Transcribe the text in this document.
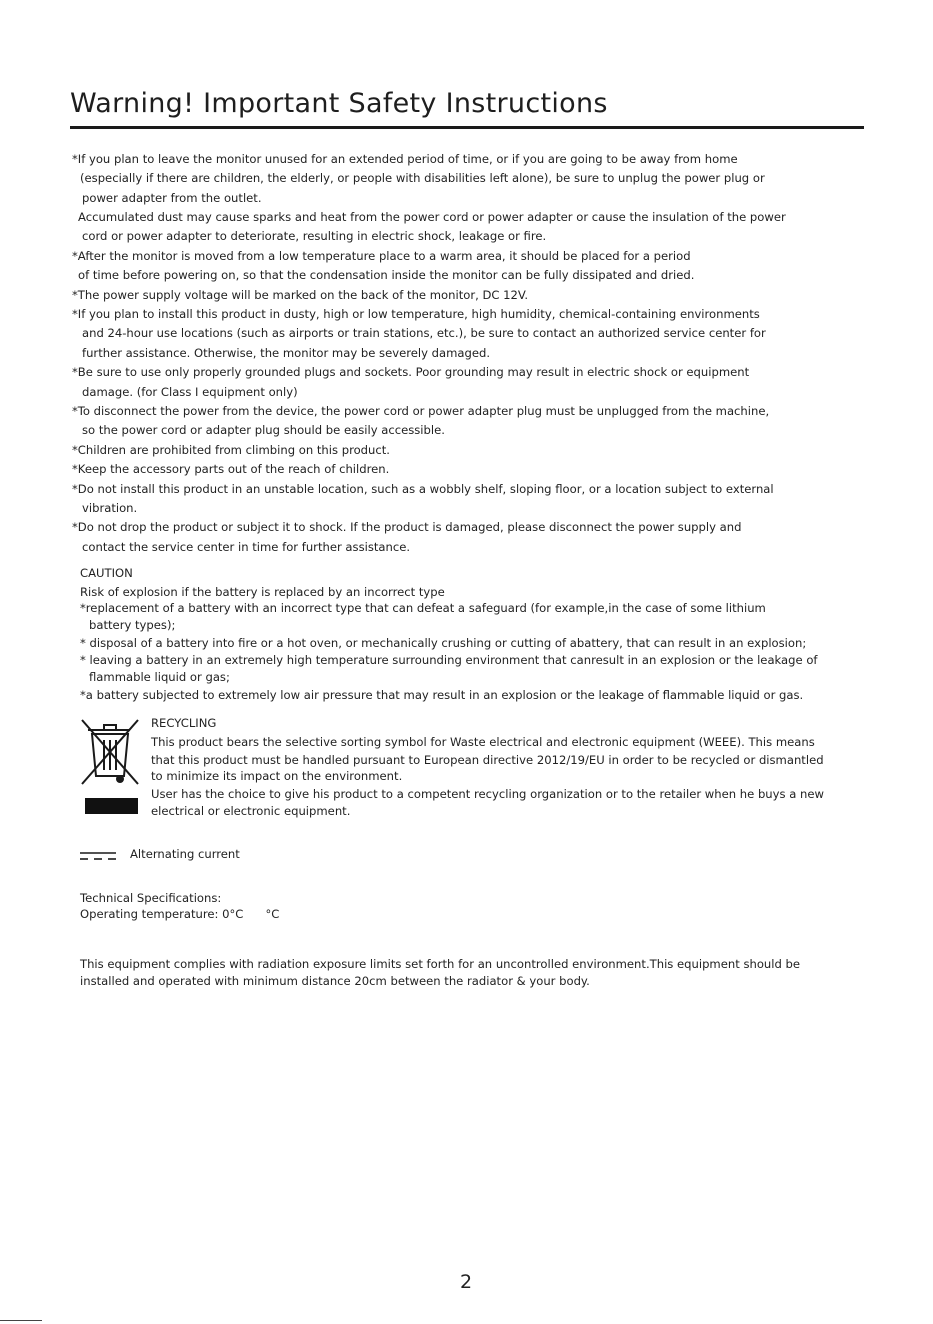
Warning! Important Safety Instructions
*If you plan to leave the monitor unused for an extended period of time, or if you are going to be away from home
(especially if there are children, the elderly, or people with disabilities left alone), be sure to unplug the power plug or
power adapter from the outlet.
Accumulated dust may cause sparks and heat from the power cord or power adapter or cause the insulation of the power
cord or power adapter to deteriorate, resulting in electric shock, leakage or fire.
*After the monitor is moved from a low temperature place to a warm area, it should be placed for a period
of time before powering on, so that the condensation inside the monitor can be fully dissipated and dried.
*The power supply voltage will be marked on the back of the monitor, DC 12V.
*If you plan to install this product in dusty, high or low temperature, high humidity, chemical-containing environments
and 24-hour use locations (such as airports or train stations, etc.), be sure to contact an authorized service center for
further assistance. Otherwise, the monitor may be severely damaged.
*Be sure to use only properly grounded plugs and sockets. Poor grounding may result in electric shock or equipment
damage. (for Class I equipment only)
*To disconnect the power from the device, the power cord or power adapter plug must be unplugged from the machine,
so the power cord or adapter plug should be easily accessible.
*Children are prohibited from climbing on this product.
*Keep the accessory parts out of the reach of children.
*Do not install this product in an unstable location, such as a wobbly shelf, sloping floor, or a location subject to external
vibration.
*Do not drop the product or subject it to shock. If the product is damaged, please disconnect the power supply and
contact the service center in time for further assistance.
CAUTION
Risk of explosion if the battery is replaced by an incorrect type
*replacement of a battery with an incorrect type that can defeat a safeguard (for example,in the case of some lithium
battery types);
* disposal of a battery into fire or a hot oven, or mechanically crushing or cutting of abattery, that can result in an explosion;
* leaving a battery in an extremely high temperature surrounding environment that canresult in an explosion or the leakage of
flammable liquid or gas;
*a battery subjected to extremely low air pressure that may result in an explosion or the leakage of flammable liquid or gas.
RECYCLING
This product bears the selective sorting symbol for Waste electrical and electronic equipment (WEEE). This means
that this product must be handled pursuant to European directive 2012/19/EU in order to be recycled or dismantled
to minimize its impact on the environment.
User has the choice to give his product to a competent recycling organization or to the retailer when he buys a new
electrical or electronic equipment.
Alternating current
Technical Specifications:
Operating temperature: 0°C      °C
This equipment complies with radiation exposure limits set forth for an uncontrolled environment.This equipment should be
installed and operated with minimum distance 20cm between the radiator & your body.
2
